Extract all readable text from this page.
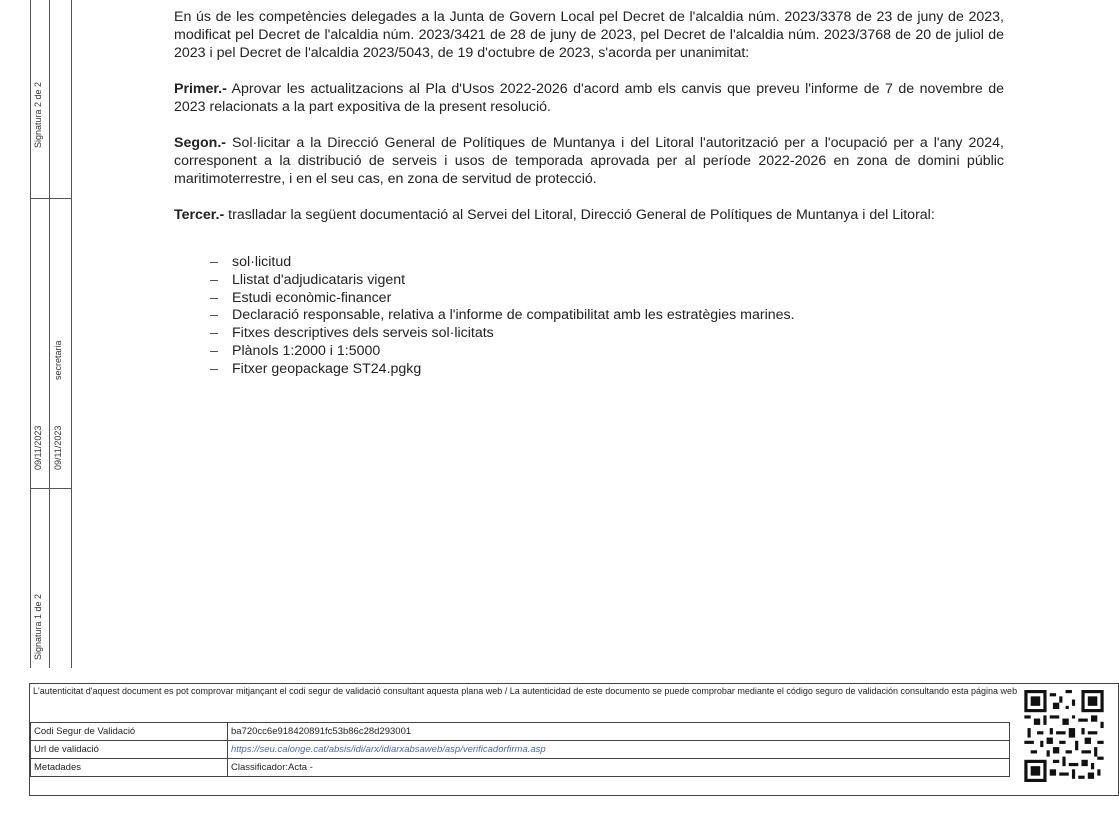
Signatura 2 de 2
09/11/2023
secretaria
09/11/2023
Signatura 1 de 2

En ús de les competències delegades a la Junta de Govern Local pel Decret de l'alcaldia núm. 2023/3378 de 23 de juny de 2023, modificat pel Decret de l'alcaldia núm. 2023/3421 de 28 de juny de 2023, pel Decret de l'alcaldia núm. 2023/3768 de 20 de juliol de 2023 i pel Decret de l'alcaldia 2023/5043, de 19 d'octubre de 2023, s'acorda per unanimitat:

Primer.- Aprovar les actualitzacions al Pla d'Usos 2022-2026 d'acord amb els canvis que preveu l'informe de 7 de novembre de 2023 relacionats a la part expositiva de la present resolució.

Segon.- Sol·licitar a la Direcció General de Polítiques de Muntanya i del Litoral l'autorització per a l'ocupació per a l'any 2024, corresponent a la distribució de serveis i usos de temporada aprovada per al període 2022-2026 en zona de domini públic maritimoterrestre, i en el seu cas, en zona de servitud de protecció.

Tercer.- traslladar la següent documentació al Servei del Litoral, Direcció General de Polítiques de Muntanya i del Litoral:

– sol·licitud
– Llistat d'adjudicataris vigent
– Estudi econòmic-financer
– Declaració responsable, relativa a l'informe de compatibilitat amb les estratègies marines.
– Fitxes descriptives dels serveis sol·licitats
– Plànols 1:2000 i 1:5000
– Fitxer geopackage ST24.pgkg
L'autenticitat d'aquest document es pot comprovar mitjançant el codi segur de validació consultant aquesta plana web / La autenticidad de este documento se puede comprobar mediante el código seguro de validación consultando esta página web
Codi Segur de Validació	ba720cc6e918420891fc53b86c28d293001
Url de validació	https://seu.calonge.cat/absis/idi/arx/idiarxabsaweb/asp/verificadorfirma.asp
Metadades	Classificador:Acta -
